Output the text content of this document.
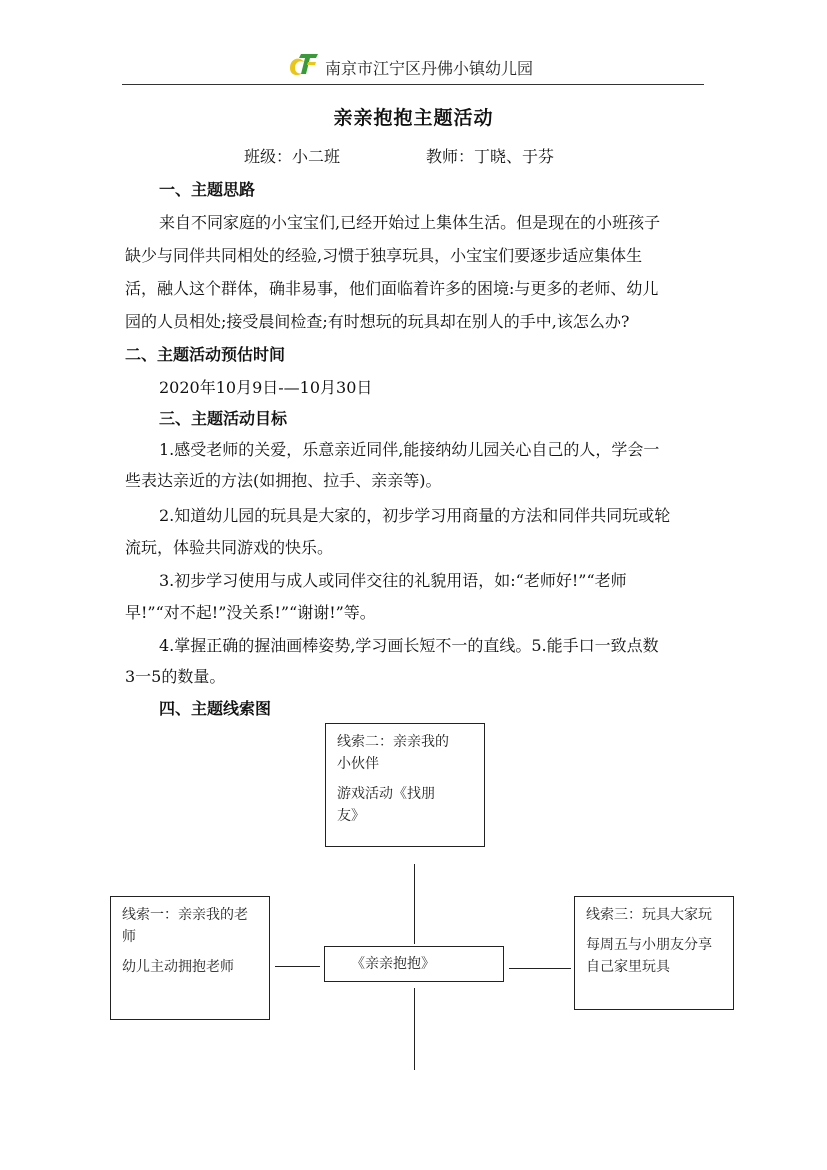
南京市江宁区丹佛小镇幼儿园
亲亲抱抱主题活动
班级：小二班	教师：丁晓、于芬
一、主题思路
来自不同家庭的小宝宝们,已经开始过上集体生活。但是现在的小班孩子
缺少与同伴共同相处的经验,习惯于独享玩具，小宝宝们要逐步适应集体生
活，融人这个群体，确非易事，他们面临着许多的困境:与更多的老师、幼儿
园的人员相处;接受晨间检查;有时想玩的玩具却在别人的手中,该怎么办?
二、主题活动预估时间
2020年10月9日-—10月30日
三、主题活动目标
1.感受老师的关爱，乐意亲近同伴,能接纳幼儿园关心自己的人，学会一
些表达亲近的方法(如拥抱、拉手、亲亲等)。
2.知道幼儿园的玩具是大家的，初步学习用商量的方法和同伴共同玩或轮
流玩，体验共同游戏的快乐。
3.初步学习使用与成人或同伴交往的礼貌用语，如:“老师好!”“老师
早!”“对不起!”没关系!”“谢谢!”等。
4.掌握正确的握油画棒姿势,学习画长短不一的直线。5.能手口一致点数
3一5的数量。
四、主题线索图

线索二：亲亲我的

小伙伴

游戏活动《找朋

友》

线索一：亲亲我的老

师

幼儿主动拥抱老师	《亲亲抱抱》

线索三：玩具大家玩

每周五与小朋友分享

自己家里玩具
